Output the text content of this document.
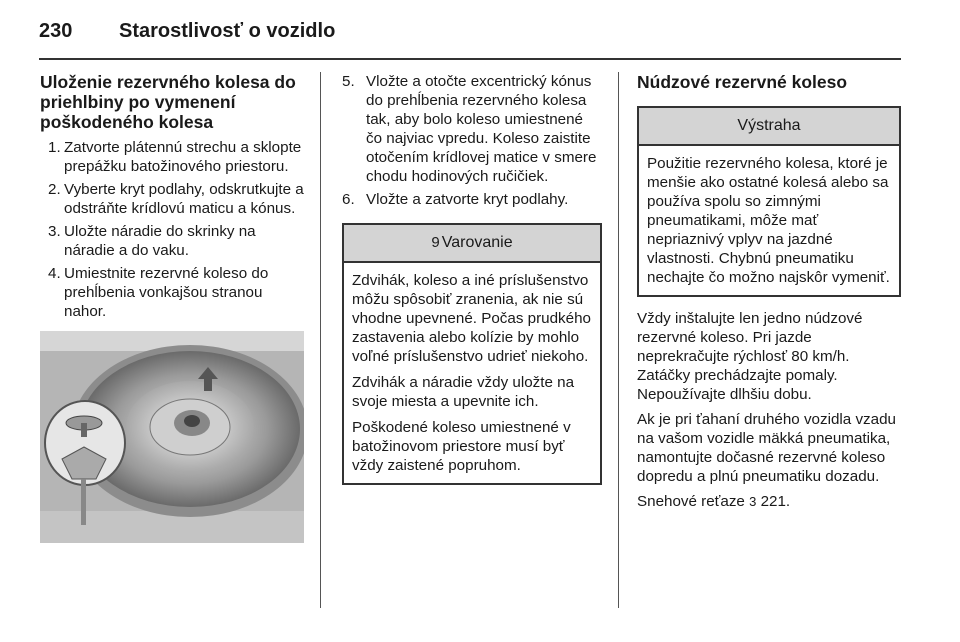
230 Starostlivosť o vozidlo
Uloženie rezervného kolesa do priehlbiny po vymenení poškodeného kolesa
1. Zatvorte plátennú strechu a sklopte prepážku batožinového priestoru.
2. Vyberte kryt podlahy, odskrutkujte a odstráňte krídlovú maticu a kónus.
3. Uložte náradie do skrinky na náradie a do vaku.
4. Umiestnite rezervné koleso do prehĺbenia vonkajšou stranou nahor.
5. Vložte a otočte excentrický kónus do prehĺbenia rezervného kolesa tak, aby bolo koleso umiestnené čo najviac vpredu. Koleso zaistite otočením krídlovej matice v smere chodu hodinových ručičiek.
6. Vložte a zatvorte kryt podlahy.
9 Varovanie

Zdvihák, koleso a iné príslušenstvo môžu spôsobiť zranenia, ak nie sú vhodne upevnené. Počas prudkého zastavenia alebo kolízie by mohlo voľné príslušenstvo udrieť niekoho.

Zdvihák a náradie vždy uložte na svoje miesta a upevnite ich.

Poškodené koleso umiestnené v batožinovom priestore musí byť vždy zaistené popruhom.

Núdzové rezervné koleso
Výstraha

Použitie rezervného kolesa, ktoré je menšie ako ostatné kolesá alebo sa používa spolu so zimnými pneumatikami, môže mať nepriaznivý vplyv na jazdné vlastnosti. Chybnú pneumatiku nechajte čo možno najskôr vymeniť.

Vždy inštalujte len jedno núdzové rezervné koleso. Pri jazde neprekračujte rýchlosť 80 km/h. Zatáčky prechádzajte pomaly. Nepoužívajte dlhšiu dobu.

Ak je pri ťahaní druhého vozidla vzadu na vašom vozidle mäkká pneumatika, namontujte dočasné rezervné koleso dopredu a plnú pneumatiku dozadu.

Snehové reťaze 3 221.
